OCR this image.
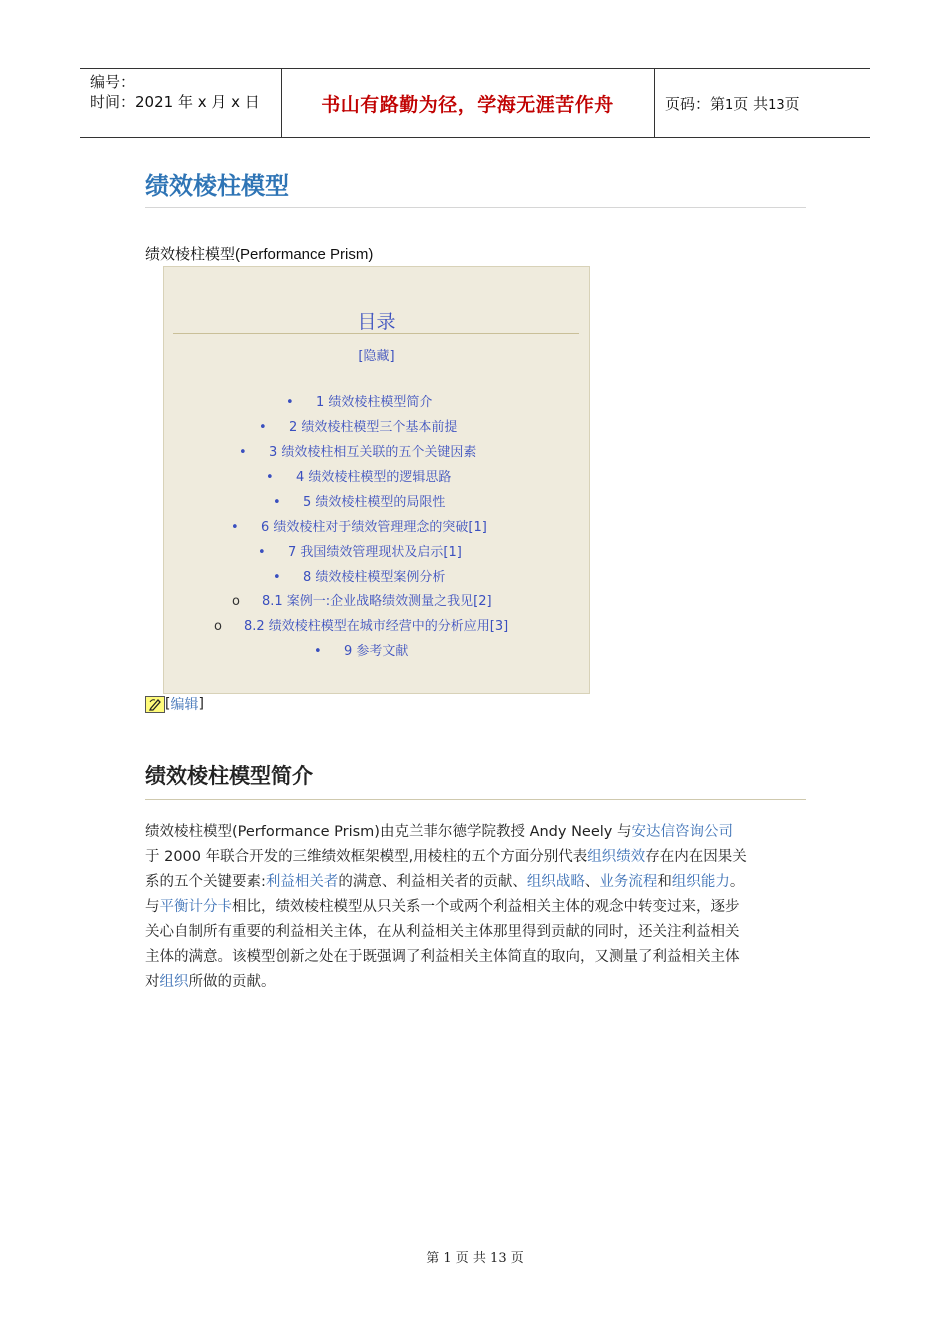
编号：
时间：2021 年 x 月 x 日	书山有路勤为径，学海无涯苦作舟	页码：第1页 共13页
绩效棱柱模型
绩效棱柱模型(Performance Prism)
目录
[隐藏]
• 1 绩效棱柱模型简介
• 2 绩效棱柱模型三个基本前提
• 3 绩效棱柱相互关联的五个关键因素
• 4 绩效棱柱模型的逻辑思路
• 5 绩效棱柱模型的局限性
• 6 绩效棱柱对于绩效管理理念的突破[1]
• 7 我国绩效管理现状及启示[1]
• 8 绩效棱柱模型案例分析
o 8.1 案例一:企业战略绩效测量之我见[2]
o 8.2 绩效棱柱模型在城市经营中的分析应用[3]
• 9 参考文献
[ 编辑 ]
绩效棱柱模型简介
绩效棱柱模型(Performance Prism)由克兰菲尔德学院教授 Andy Neely 与安达信咨询公司
于 2000 年联合开发的三维绩效框架模型,用棱柱的五个方面分别代表组织绩效存在内在因果关
系的五个关键要素:利益相关者的满意、利益相关者的贡献、组织战略、业务流程和组织能力。
与平衡计分卡相比，绩效棱柱模型从只关系一个或两个利益相关主体的观念中转变过来，逐步
关心自制所有重要的利益相关主体，在从利益相关主体那里得到贡献的同时，还关注利益相关
主体的满意。该模型创新之处在于既强调了利益相关主体简直的取向，又测量了利益相关主体
对组织所做的贡献。
第 1 页 共 13 页
